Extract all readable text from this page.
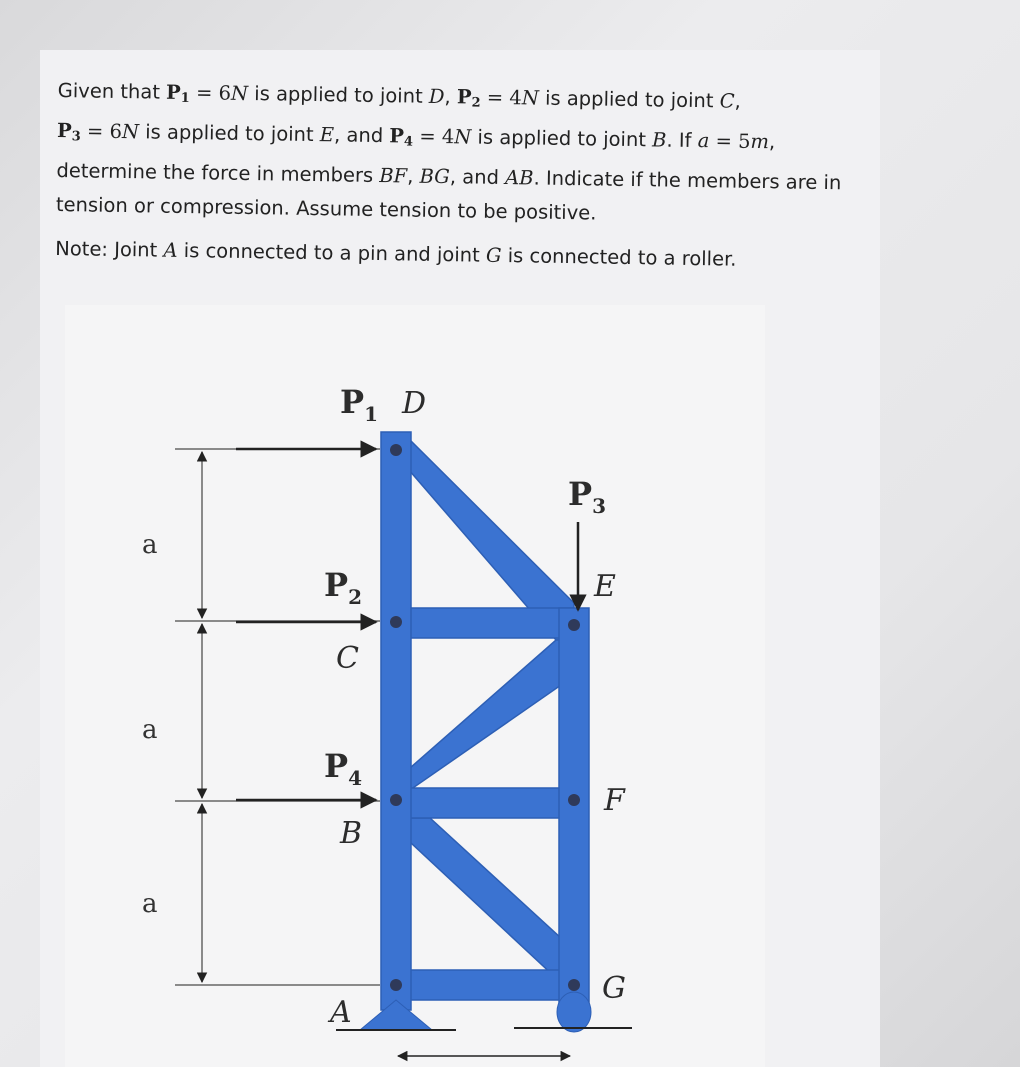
Given that $P_1 = 6N$ is applied to joint D, $P_2 = 4N$ is applied to joint C,
$P_3 = 6N$ is applied to joint E, and $P_4 = 4N$ is applied to joint B. If a = 5m,
determine the force in members BF, BG, and AB. Indicate if the members are in
tension or compression. Assume tension to be positive.

Note: Joint A is connected to a pin and joint G is connected to a roller.

a
a
a
$P_1$ D
$P_3$
E
$P_2$
C
$P_4$
B
F
G
A
